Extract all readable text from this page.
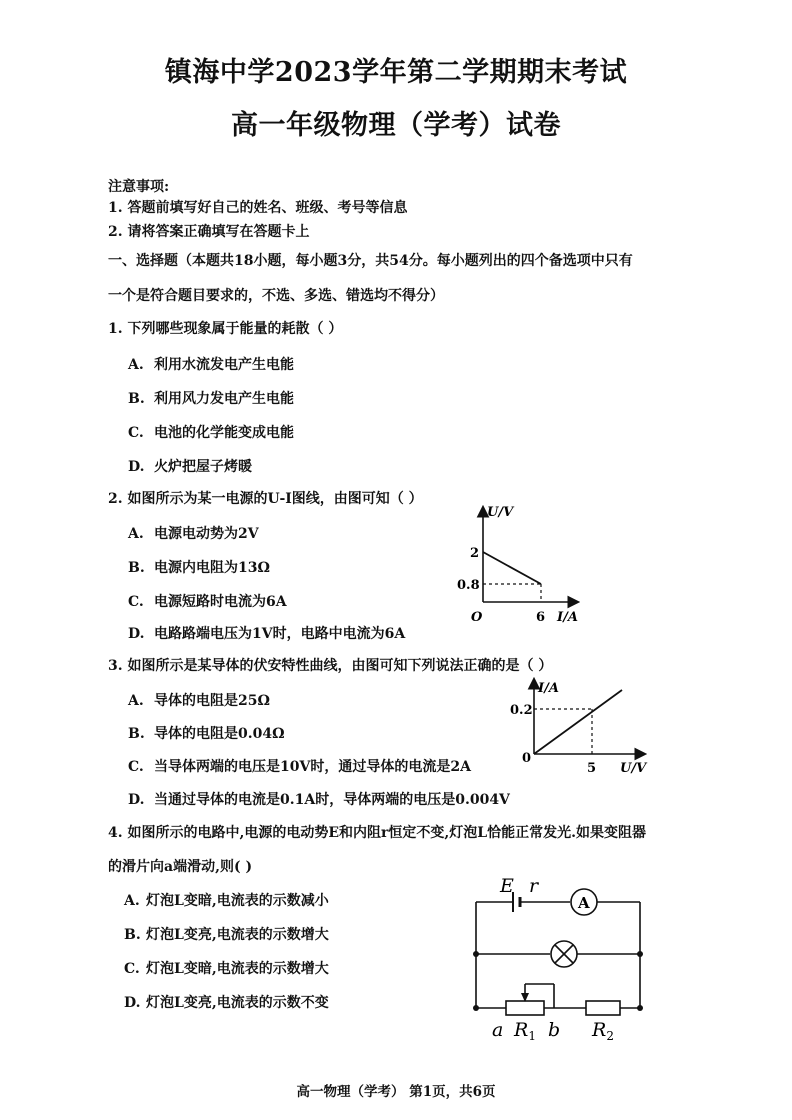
镇海中学2023学年第二学期期末考试
高一年级物理（学考）试卷
注意事项:
1. 答题前填写好自己的姓名、班级、考号等信息
2. 请将答案正确填写在答题卡上
一、选择题（本题共18小题，每小题3分，共54分。每小题列出的四个备选项中只有
一个是符合题目要求的，不选、多选、错选均不得分）
1. 下列哪些现象属于能量的耗散（ ）
A. 利用水流发电产生电能
B. 利用风力发电产生电能
C. 电池的化学能变成电能
D. 火炉把屋子烤暖
2. 如图所示为某一电源的U-I图线，由图可知（ ）
A. 电源电动势为2V
B. 电源内电阻为13Ω
C. 电源短路时电流为6A
D. 电路路端电压为1V时，电路中电流为6A
U/V
I/A
O
2
0.8
6
3. 如图所示是某导体的伏安特性曲线，由图可知下列说法正确的是（ ）
A. 导体的电阻是25Ω
B. 导体的电阻是0.04Ω
C. 当导体两端的电压是10V时，通过导体的电流是2A
D. 当通过导体的电流是0.1A时，导体两端的电压是0.004V
I/A
U/V
0
0.2
5
4. 如图所示的电路中,电源的电动势E和内阻r恒定不变,灯泡L恰能正常发光.如果变阻器
的滑片向a端滑动,则( )
A. 灯泡L变暗,电流表的示数减小
B. 灯泡L变亮,电流表的示数增大
C. 灯泡L变暗,电流表的示数增大
D. 灯泡L变亮,电流表的示数不变
E r
A
a $R_1$ b $R_2$
高一物理（学考） 第1页，共6页
